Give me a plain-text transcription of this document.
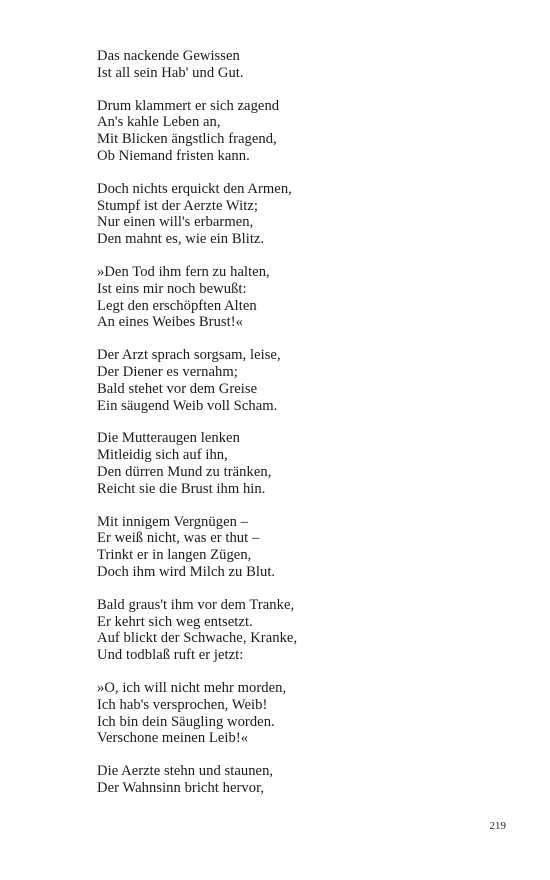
Das nackende Gewissen
Ist all sein Hab' und Gut.
Drum klammert er sich zagend
An's kahle Leben an,
Mit Blicken ängstlich fragend,
Ob Niemand fristen kann.
Doch nichts erquickt den Armen,
Stumpf ist der Aerzte Witz;
Nur einen will's erbarmen,
Den mahnt es, wie ein Blitz.
»Den Tod ihm fern zu halten,
Ist eins mir noch bewußt:
Legt den erschöpften Alten
An eines Weibes Brust!«
Der Arzt sprach sorgsam, leise,
Der Diener es vernahm;
Bald stehet vor dem Greise
Ein säugend Weib voll Scham.
Die Mutteraugen lenken
Mitleidig sich auf ihn,
Den dürren Mund zu tränken,
Reicht sie die Brust ihm hin.
Mit innigem Vergnügen –
Er weiß nicht, was er thut –
Trinkt er in langen Zügen,
Doch ihm wird Milch zu Blut.
Bald graus't ihm vor dem Tranke,
Er kehrt sich weg entsetzt.
Auf blickt der Schwache, Kranke,
Und todblaß ruft er jetzt:
»O, ich will nicht mehr morden,
Ich hab's versprochen, Weib!
Ich bin dein Säugling worden.
Verschone meinen Leib!«
Die Aerzte stehn und staunen,
Der Wahnsinn bricht hervor,
219
